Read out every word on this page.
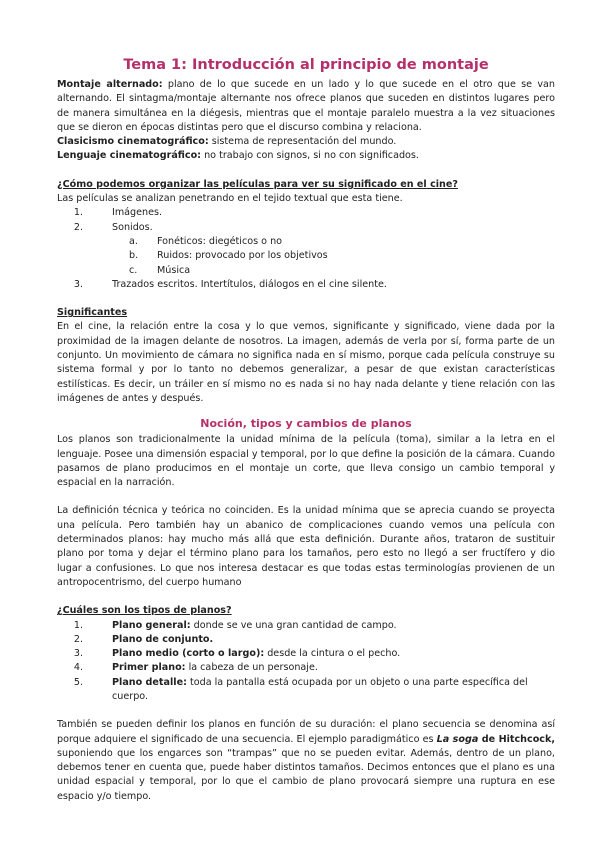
Tema 1: Introducción al principio de montaje

Montaje alternado: plano de lo que sucede en un lado y lo que sucede en el otro que se van alternando. El sintagma/montaje alternante nos ofrece planos que suceden en distintos lugares pero de manera simultánea en la diégesis, mientras que el montaje paralelo muestra a la vez situaciones que se dieron en épocas distintas pero que el discurso combina y relaciona.

Clasicismo cinematográfico: sistema de representación del mundo.

Lenguaje cinematográfico: no trabajo con signos, si no con significados.

¿Cómo podemos organizar las películas para ver su significado en el cine?

Las películas se analizan penetrando en el tejido textual que esta tiene.

1.	Imágenes.
2.	Sonidos.
a.	Fonéticos: diegéticos o no
b.	Ruidos: provocado por los objetivos
c.	Música
3.	Trazados escritos. Intertítulos, diálogos en el cine silente.

Significantes

En el cine, la relación entre la cosa y lo que vemos, significante y significado, viene dada por la proximidad de la imagen delante de nosotros. La imagen, además de verla por sí, forma parte de un conjunto. Un movimiento de cámara no significa nada en sí mismo, porque cada película construye su sistema formal y por lo tanto no debemos generalizar, a pesar de que existan características estilísticas. Es decir, un tráiler en sí mismo no es nada si no hay nada delante y tiene relación con las imágenes de antes y después.

Noción, tipos y cambios de planos

Los planos son tradicionalmente la unidad mínima de la película (toma), similar a la letra en el lenguaje. Posee una dimensión espacial y temporal, por lo que define la posición de la cámara. Cuando pasamos de plano producimos en el montaje un corte, que lleva consigo un cambio temporal y espacial en la narración.

La definición técnica y teórica no coinciden. Es la unidad mínima que se aprecia cuando se proyecta una película. Pero también hay un abanico de complicaciones cuando vemos una película con determinados planos: hay mucho más allá que esta definición. Durante años, trataron de sustituir plano por toma y dejar el término plano para los tamaños, pero esto no llegó a ser fructífero y dio lugar a confusiones. Lo que nos interesa destacar es que todas estas terminologías provienen de un antropocentrismo, del cuerpo humano

¿Cuáles son los tipos de planos?

1.	Plano general: donde se ve una gran cantidad de campo.
2.	Plano de conjunto.
3.	Plano medio (corto o largo): desde la cintura o el pecho.
4.	Primer plano: la cabeza de un personaje.
5.	Plano detalle: toda la pantalla está ocupada por un objeto o una parte específica del cuerpo.

También se pueden definir los planos en función de su duración: el plano secuencia se denomina así porque adquiere el significado de una secuencia. El ejemplo paradigmático es La soga de Hitchcock, suponiendo que los engarces son “trampas” que no se pueden evitar. Además, dentro de un plano, debemos tener en cuenta que, puede haber distintos tamaños. Decimos entonces que el plano es una unidad espacial y temporal, por lo que el cambio de plano provocará siempre una ruptura en ese espacio y/o tiempo.
